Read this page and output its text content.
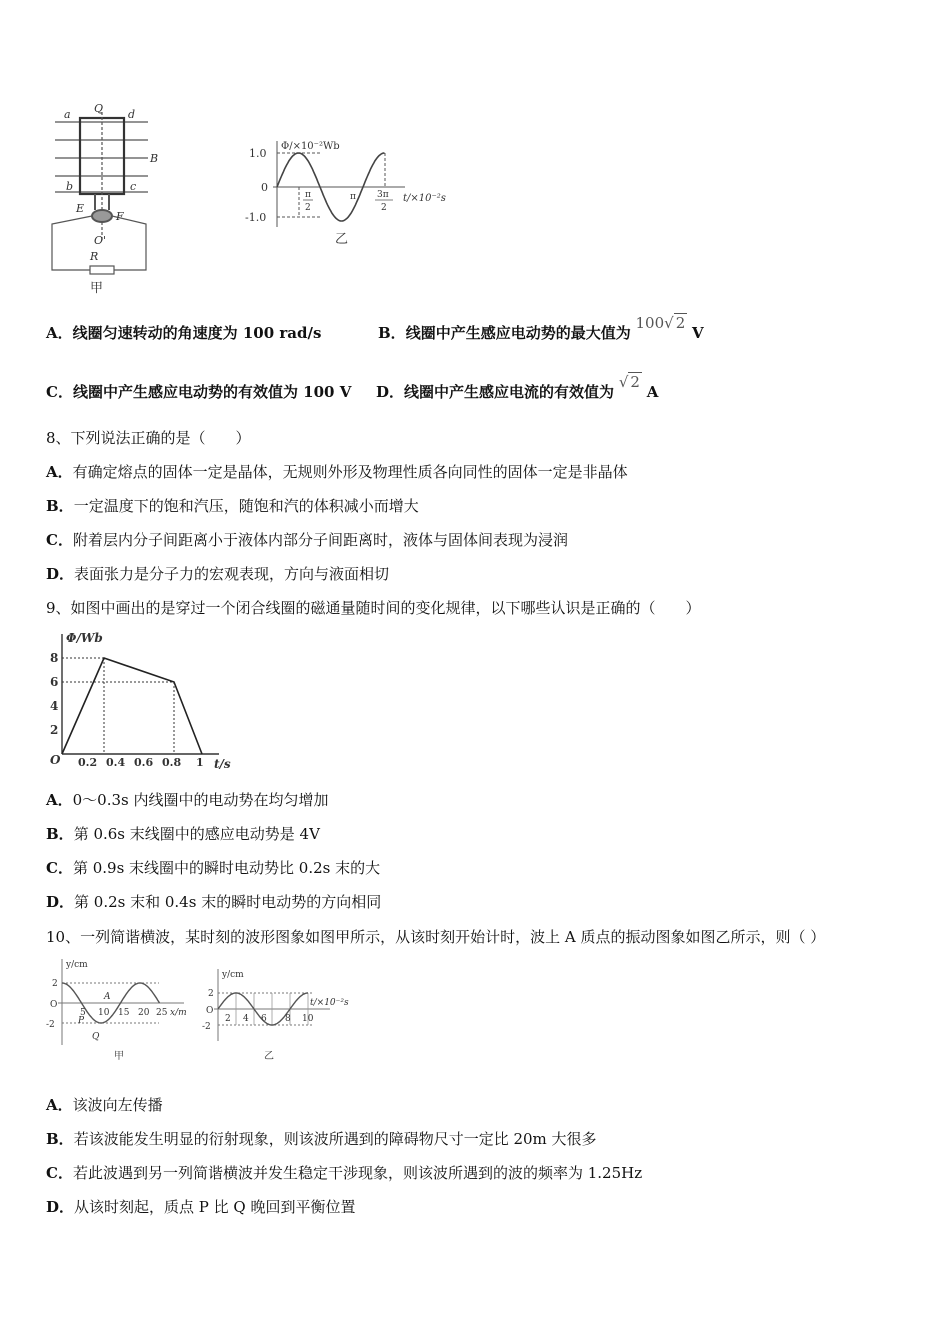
a Q d
B
b	c
E
F
O'
R
甲
Φ/×10⁻²Wb
1.0
0
-1.0
π
2
π 3π
2
t/×10⁻²s
乙
A．线圈匀速转动的角速度为 100 rad/s	B．线圈中产生感应电动势的最大值为 100√ 2 V
C．线圈中产生感应电动势的有效值为 100 V D．线圈中产生感应电流的有效值为 √ 2 A
8、下列说法正确的是（　　）
A．有确定熔点的固体一定是晶体，无规则外形及物理性质各向同性的固体一定是非晶体
B．一定温度下的饱和汽压，随饱和汽的体积减小而增大
C．附着层内分子间距离小于液体内部分子间距离时，液体与固体间表现为浸润
D．表面张力是分子力的宏观表现，方向与液面相切
9、如图中画出的是穿过一个闭合线圈的磁通量随时间的变化规律，以下哪些认识是正确的（　　）
Φ/Wb
O
2
4
6
8
0.2 0.4 0.6 0.8 1 t/s
A．0～0.3s 内线圈中的电动势在均匀增加
B．第 0.6s 末线圈中的感应电动势是 4V
C．第 0.9s 末线圈中的瞬时电动势比 0.2s 末的大
D．第 0.2s 末和 0.4s 末的瞬时电动势的方向相同
10、一列简谐横波，某时刻的波形图象如图甲所示，从该时刻开始计时，波上 A 质点的振动图象如图乙所示，则（ ）
y/cm
2
O
-2
5 10 15 20 25 x/m
P
A
Q
甲
y/cm
2
O
-2
2 4 6 8 10
t/×10⁻²s
乙
A．该波向左传播
B．若该波能发生明显的衍射现象，则该波所遇到的障碍物尺寸一定比 20m 大很多
C．若此波遇到另一列简谐横波并发生稳定干涉现象，则该波所遇到的波的频率为 1.25Hz
D．从该时刻起，质点 P 比 Q 晚回到平衡位置
